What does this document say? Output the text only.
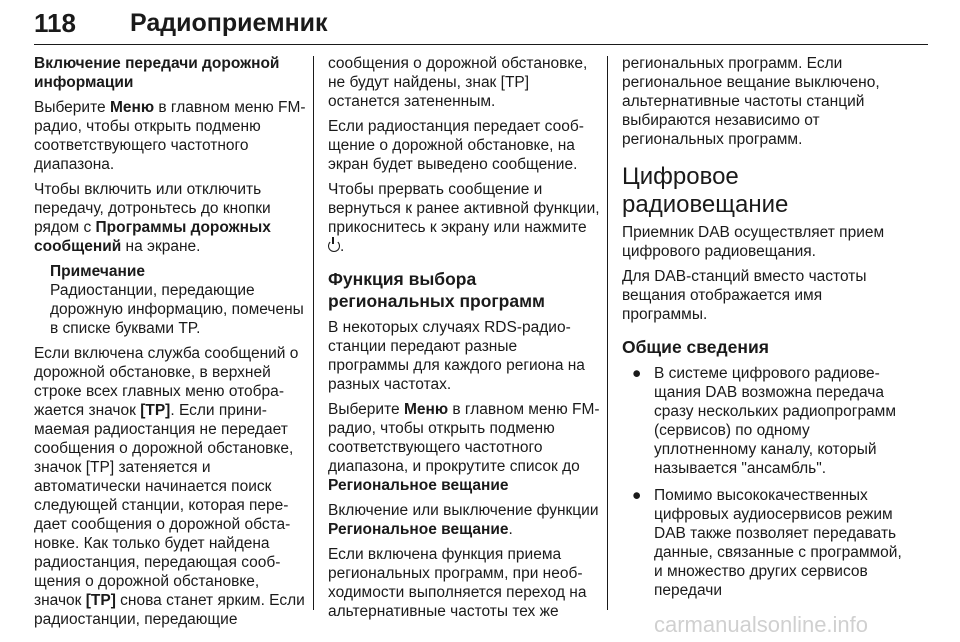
118 Радиоприемник

Включение передачи дорожной информации

Выберите Меню в главном меню FM-радио, чтобы открыть подменю соответствующего частотного диапазона.

Чтобы включить или отключить передачу, дотроньтесь до кнопки рядом с Программы дорожных сообщений на экране.

Примечание
Радиостанции, передающие дорожную информацию, помечены в списке буквами TP.

Если включена служба сообщений о дорожной обстановке, в верхней строке всех главных меню отображается значок [TP]. Если принимаемая радиостанция не передает сообщения о дорожной обстановке, значок [TP] затеняется и автоматически начинается поиск следующей станции, которая передает сообщения о дорожной обстановке. Как только будет найдена радиостанция, передающая сообщения о дорожной обстановке, значок [TP] снова станет ярким. Если радиостанции, передающие

сообщения о дорожной обстановке, не будут найдены, знак [TP] останется затененным.

Если радиостанция передает сообщение о дорожной обстановке, на экран будет выведено сообщение.

Чтобы прервать сообщение и вернуться к ранее активной функции, прикоснитесь к экрану или нажмите .

Функция выбора региональных программ

В некоторых случаях RDS-радиостанции передают разные программы для каждого региона на разных частотах.

Выберите Меню в главном меню FM-радио, чтобы открыть подменю соответствующего частотного диапазона, и прокрутите список до Региональное вещание

Включение или выключение функции Региональное вещание.

Если включена функция приема региональных программ, при необходимости выполняется переход на альтернативные частоты тех же

региональных программ. Если региональное вещание выключено, альтернативные частоты станций выбираются независимо от региональных программ.

Цифровое радиовещание

Приемник DAB осуществляет прием цифрового радиовещания.

Для DAB-станций вместо частоты вещания отображается имя программы.

Общие сведения
● В системе цифрового радиовещания DAB возможна передача сразу нескольких радиопрограмм (сервисов) по одному уплотненному каналу, который называется "ансамбль".
● Помимо высококачественных цифровых аудиосервисов режим DAB также позволяет передавать данные, связанные с программой, и множество других сервисов передачи
carmanualsonline.info
